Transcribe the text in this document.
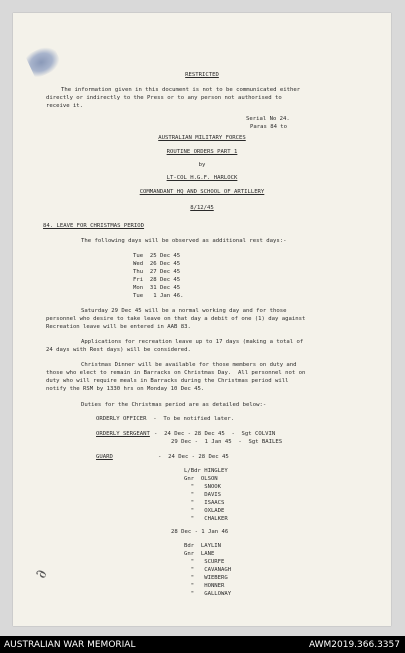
RESTRICTED
The information given in this document is not to be communicated either
directly or indirectly to the Press or to any person not authorised to
receive it.
Serial No 24.
Paras 84 to
AUSTRALIAN MILITARY FORCES
ROUTINE ORDERS PART 1
by
LT-COL H.G.F. HARLOCK
COMMANDANT HQ AND SCHOOL OF ARTILLERY
8/12/45
84. LEAVE FOR CHRISTMAS PERIOD
The following days will be observed as additional rest days:-
Tue 25 Dec 45
Wed 26 Dec 45
Thu 27 Dec 45
Fri 28 Dec 45
Mon 31 Dec 45
Tue   1 Jan 46.
Saturday 29 Dec 45 will be a normal working day and for those
personnel who desire to take leave on that day a debit of one (1) day against
Recreation leave will be entered in AAB 83.
Applications for recreation leave up to 17 days (making a total of
24 days with Rest days) will be considered.
Christmas Dinner will be available for those members on duty and
those who elect to remain in Barracks on Christmas Day.  All personnel not on
duty who will require meals in Barracks during the Christmas period will
notify the RSM by 1330 hrs on Monday 10 Dec 45.
Duties for the Christmas period are as detailed below:-
ORDERLY OFFICER  -  To be notified later.
ORDERLY SERGEANT -  24 Dec - 28 Dec 45  -  Sgt COLVIN
29 Dec -  1 Jan 45  -  Sgt BAILES
GUARD	-  24 Dec - 28 Dec 45
L/Bdr HINGLEY
Gnr  OLSON
"   SNOOK
"   DAVIS
"   ISAACS
"   OXLADE
"   CHALKER
28 Dec - 1 Jan 46
Bdr  LAYLIN
Gnr  LANE
"   SCURFE
"   CAVANAGH
"   WIEBERG
"   HONNER
"   GALLOWAY
∂
AUSTRALIAN WAR MEMORIAL	AWM2019.366.3357
